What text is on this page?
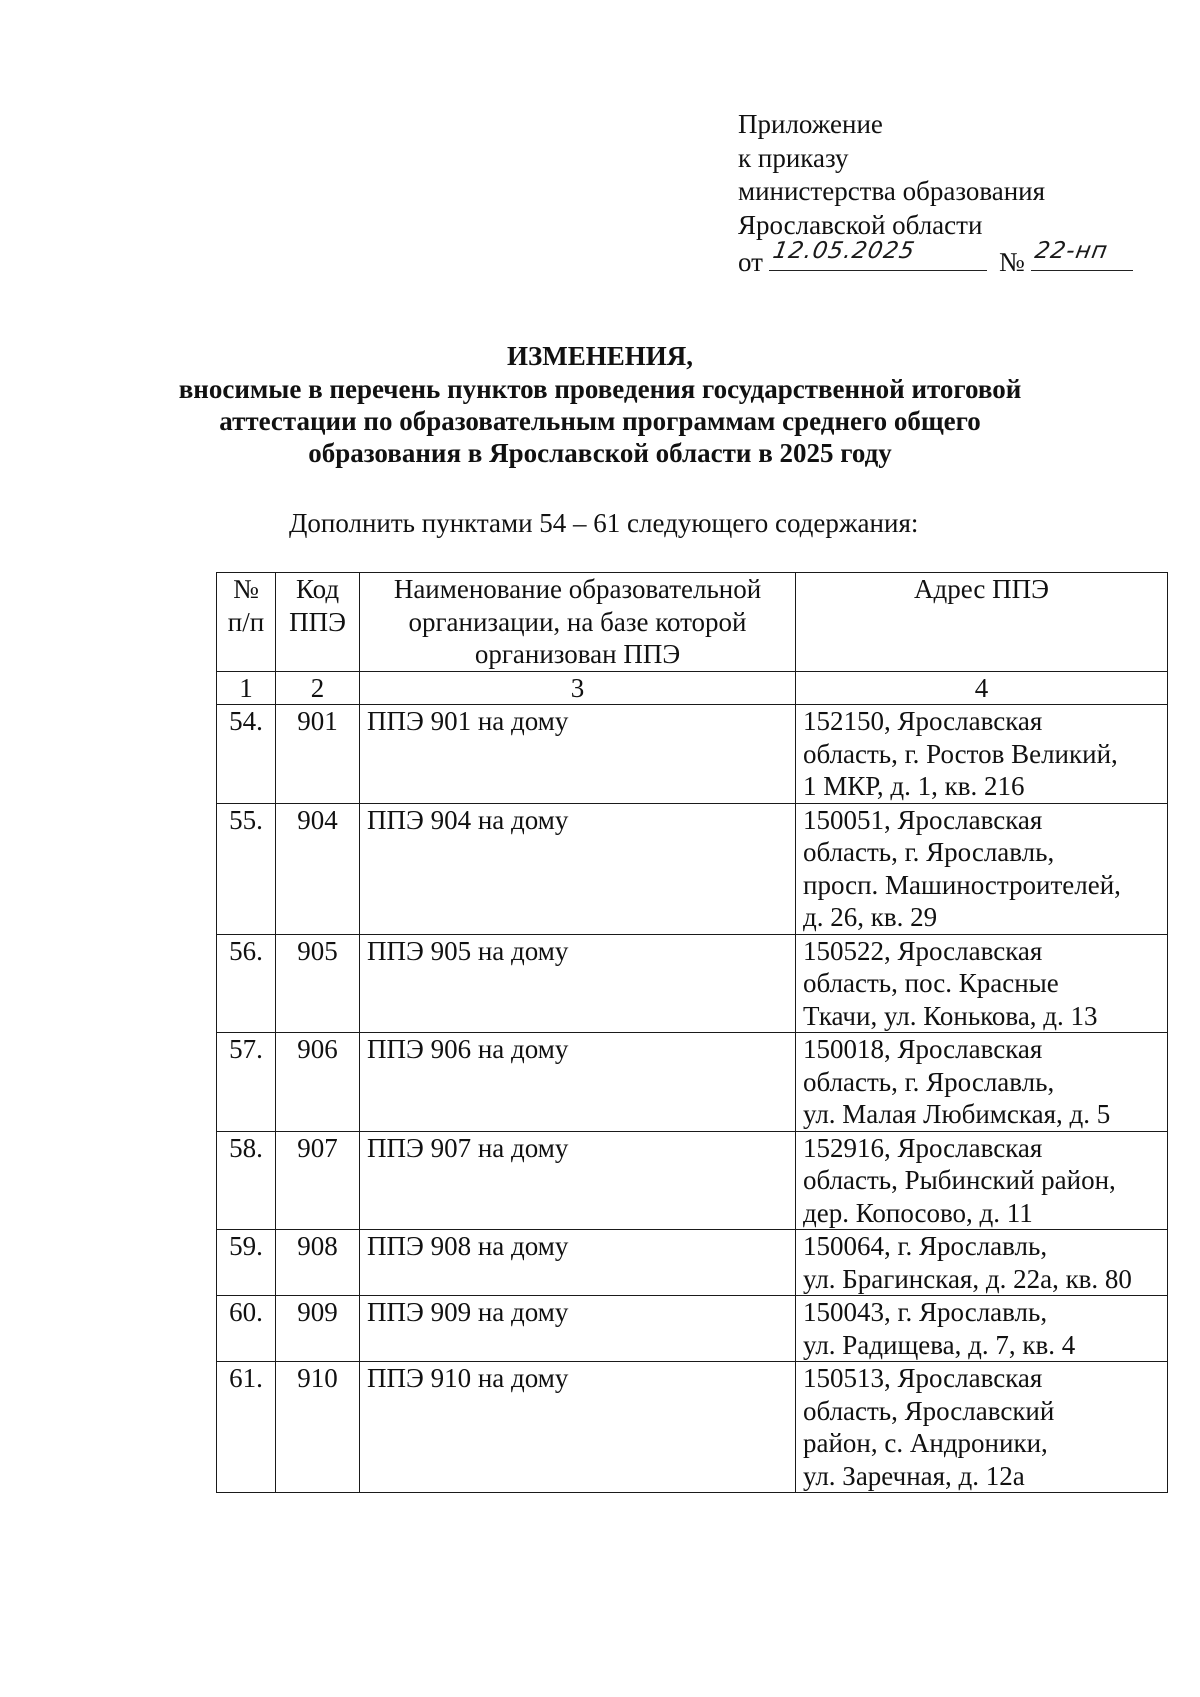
Приложение
к приказу
министерства образования
Ярославской области
от 12.05.2025	№ 22-нп
ИЗМЕНЕНИЯ,
вносимые в перечень пунктов проведения государственной итоговой
аттестации по образовательным программам среднего общего
образования в Ярославской области в 2025 году
Дополнить пунктами 54 – 61 следующего содержания:
№ п/п	Код ППЭ	Наименование образовательной организации, на базе которой организован ППЭ	Адрес ППЭ
1	2	3	4
54.	901	ППЭ 901 на дому	152150, Ярославская
область, г. Ростов Великий,
1 МКР, д. 1, кв. 216
55.	904	ППЭ 904 на дому	150051, Ярославская
область, г. Ярославль,
просп. Машиностроителей,
д. 26, кв. 29
56.	905	ППЭ 905 на дому	150522, Ярославская
область, пос. Красные
Ткачи, ул. Конькова, д. 13
57.	906	ППЭ 906 на дому	150018, Ярославская
область, г. Ярославль,
ул. Малая Любимская, д. 5
58.	907	ППЭ 907 на дому	152916, Ярославская
область, Рыбинский район,
дер. Копосово, д. 11
59.	908	ППЭ 908 на дому	150064, г. Ярославль,
ул. Брагинская, д. 22а, кв. 80
60.	909	ППЭ 909 на дому	150043, г. Ярославль,
ул. Радищева, д. 7, кв. 4
61.	910	ППЭ 910 на дому	150513, Ярославская
область, Ярославский
район, с. Андроники,
ул. Заречная, д. 12а
